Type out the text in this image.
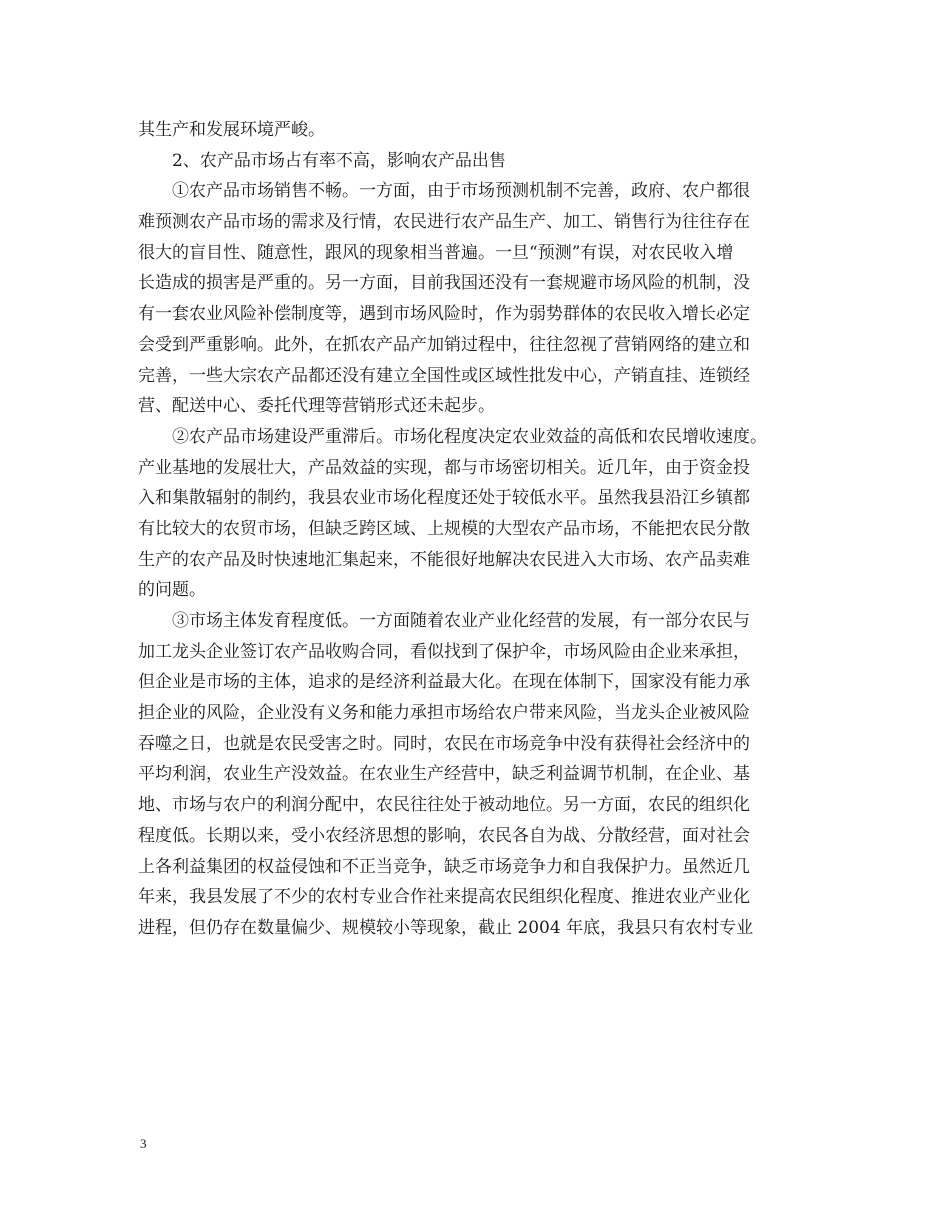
其生产和发展环境严峻。
2、农产品市场占有率不高，影响农产品出售
①农产品市场销售不畅。一方面，由于市场预测机制不完善，政府、农户都很
难预测农产品市场的需求及行情，农民进行农产品生产、加工、销售行为往往存在
很大的盲目性、随意性，跟风的现象相当普遍。一旦“预测”有误，对农民收入增
长造成的损害是严重的。另一方面，目前我国还没有一套规避市场风险的机制，没
有一套农业风险补偿制度等，遇到市场风险时，作为弱势群体的农民收入增长必定
会受到严重影响。此外，在抓农产品产加销过程中，往往忽视了营销网络的建立和
完善，一些大宗农产品都还没有建立全国性或区域性批发中心，产销直挂、连锁经
营、配送中心、委托代理等营销形式还未起步。
②农产品市场建设严重滞后。市场化程度决定农业效益的高低和农民增收速度。
产业基地的发展壮大，产品效益的实现，都与市场密切相关。近几年，由于资金投
入和集散辐射的制约，我县农业市场化程度还处于较低水平。虽然我县沿江乡镇都
有比较大的农贸市场，但缺乏跨区域、上规模的大型农产品市场，不能把农民分散
生产的农产品及时快速地汇集起来，不能很好地解决农民进入大市场、农产品卖难
的问题。
③市场主体发育程度低。一方面随着农业产业化经营的发展，有一部分农民与
加工龙头企业签订农产品收购合同，看似找到了保护伞，市场风险由企业来承担，
但企业是市场的主体，追求的是经济利益最大化。在现在体制下，国家没有能力承
担企业的风险，企业没有义务和能力承担市场给农户带来风险，当龙头企业被风险
吞噬之日，也就是农民受害之时。同时，农民在市场竞争中没有获得社会经济中的
平均利润，农业生产没效益。在农业生产经营中，缺乏利益调节机制，在企业、基
地、市场与农户的利润分配中，农民往往处于被动地位。另一方面，农民的组织化
程度低。长期以来，受小农经济思想的影响，农民各自为战、分散经营，面对社会
上各利益集团的权益侵蚀和不正当竞争，缺乏市场竞争力和自我保护力。虽然近几
年来，我县发展了不少的农村专业合作社来提高农民组织化程度、推进农业产业化
进程，但仍存在数量偏少、规模较小等现象，截止 2004 年底，我县只有农村专业
3
